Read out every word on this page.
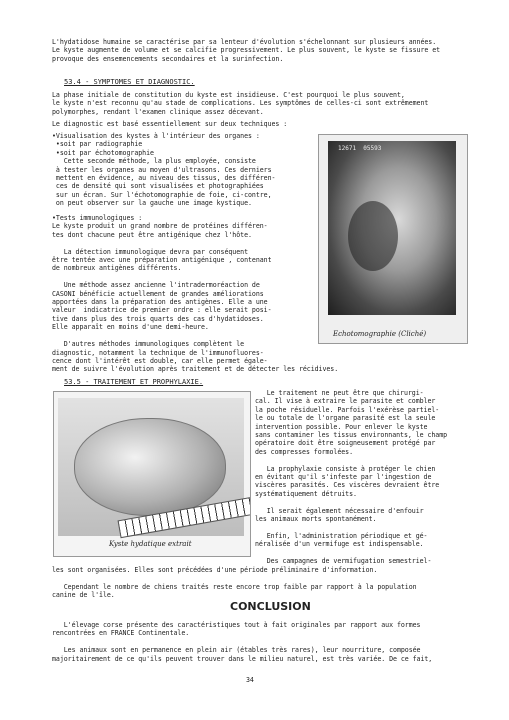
L'hydatidose humaine se caractérise par sa lenteur d'évolution s'échelonnant sur plusieurs années.
Le kyste augmente de volume et se calcifie progressivement. Le plus souvent, le kyste se fissure et
provoque des ensemencements secondaires et la surinfection.
53.4 - SYMPTOMES ET DIAGNOSTIC.
La phase initiale de constitution du kyste est insidieuse. C'est pourquoi le plus souvent,
le kyste n'est reconnu qu'au stade de complications. Les symptômes de celles-ci sont extrêmement
polymorphes, rendant l'examen clinique assez décevant.
Le diagnostic est basé essentiellement sur deux techniques :
•Visualisation des kystes à l'intérieur des organes :
•soit par radiographie
•soit par échotomographie
Cette seconde méthode, la plus employée, consiste
à tester les organes au moyen d'ultrasons. Ces derniers
mettent en évidence, au niveau des tissus, des différen-
ces de densité qui sont visualisées et photographiées
sur un écran. Sur l'échotomographie de foie, ci-contre,
on peut observer sur la gauche une image kystique.
•Tests immunologiques :
Le kyste produit un grand nombre de protéines différen-
tes dont chacune peut être antigénique chez l'hôte.

La détection immunologique devra par conséquent
être tentée avec une préparation antigénique , contenant
de nombreux antigènes différents.

Une méthode assez ancienne l'intradermoréaction de
CASONI bénéficie actuellement de grandes améliorations
apportées dans la préparation des antigènes. Elle a une
valeur  indicatrice de premier ordre : elle serait posi-
tive dans plus des trois quarts des cas d'hydatidoses.
Elle apparaît en moins d'une demi-heure.

D'autres méthodes immunologiques complètent le
diagnostic, notamment la technique de l'immunofluores-
cence dont l'intérêt est double, car elle permet égale-
ment de suivre l'évolution après traitement et de détecter les récidives.
12671  05593
Echotomographie (Cliché)
53.5 - TRAITEMENT ET PROPHYLAXIE.
Kyste hydatique extrait
Le traitement ne peut être que chirurgi-
cal. Il vise à extraire le parasite et combler
la poche résiduelle. Parfois l'exérèse partiel-
le ou totale de l'organe parasité est la seule
intervention possible. Pour enlever le kyste
sans contaminer les tissus environnants, le champ
opératoire doit être soigneusement protégé par
des compresses formolées.

La prophylaxie consiste à protéger le chien
en évitant qu'il s'infeste par l'ingestion de
viscères parasités. Ces viscères devraient être
systématiquement détruits.

Il serait également nécessaire d'enfouir
les animaux morts spontanément.

Enfin, l'administration périodique et gé-
néralisée d'un vermifuge est indispensable.

Des campagnes de vermifugation semestriel-
les sont organisées. Elles sont précédées d'une période préliminaire d'information.

Cependant le nombre de chiens traités reste encore trop faible par rapport à la population
canine de l'île.
CONCLUSION
L'élevage corse présente des caractéristiques tout à fait originales par rapport aux formes
rencontrées en FRANCE Continentale.

Les animaux sont en permanence en plein air (étables très rares), leur nourriture, composée
majoritairement de ce qu'ils peuvent trouver dans le milieu naturel, est très variée. De ce fait,
34
